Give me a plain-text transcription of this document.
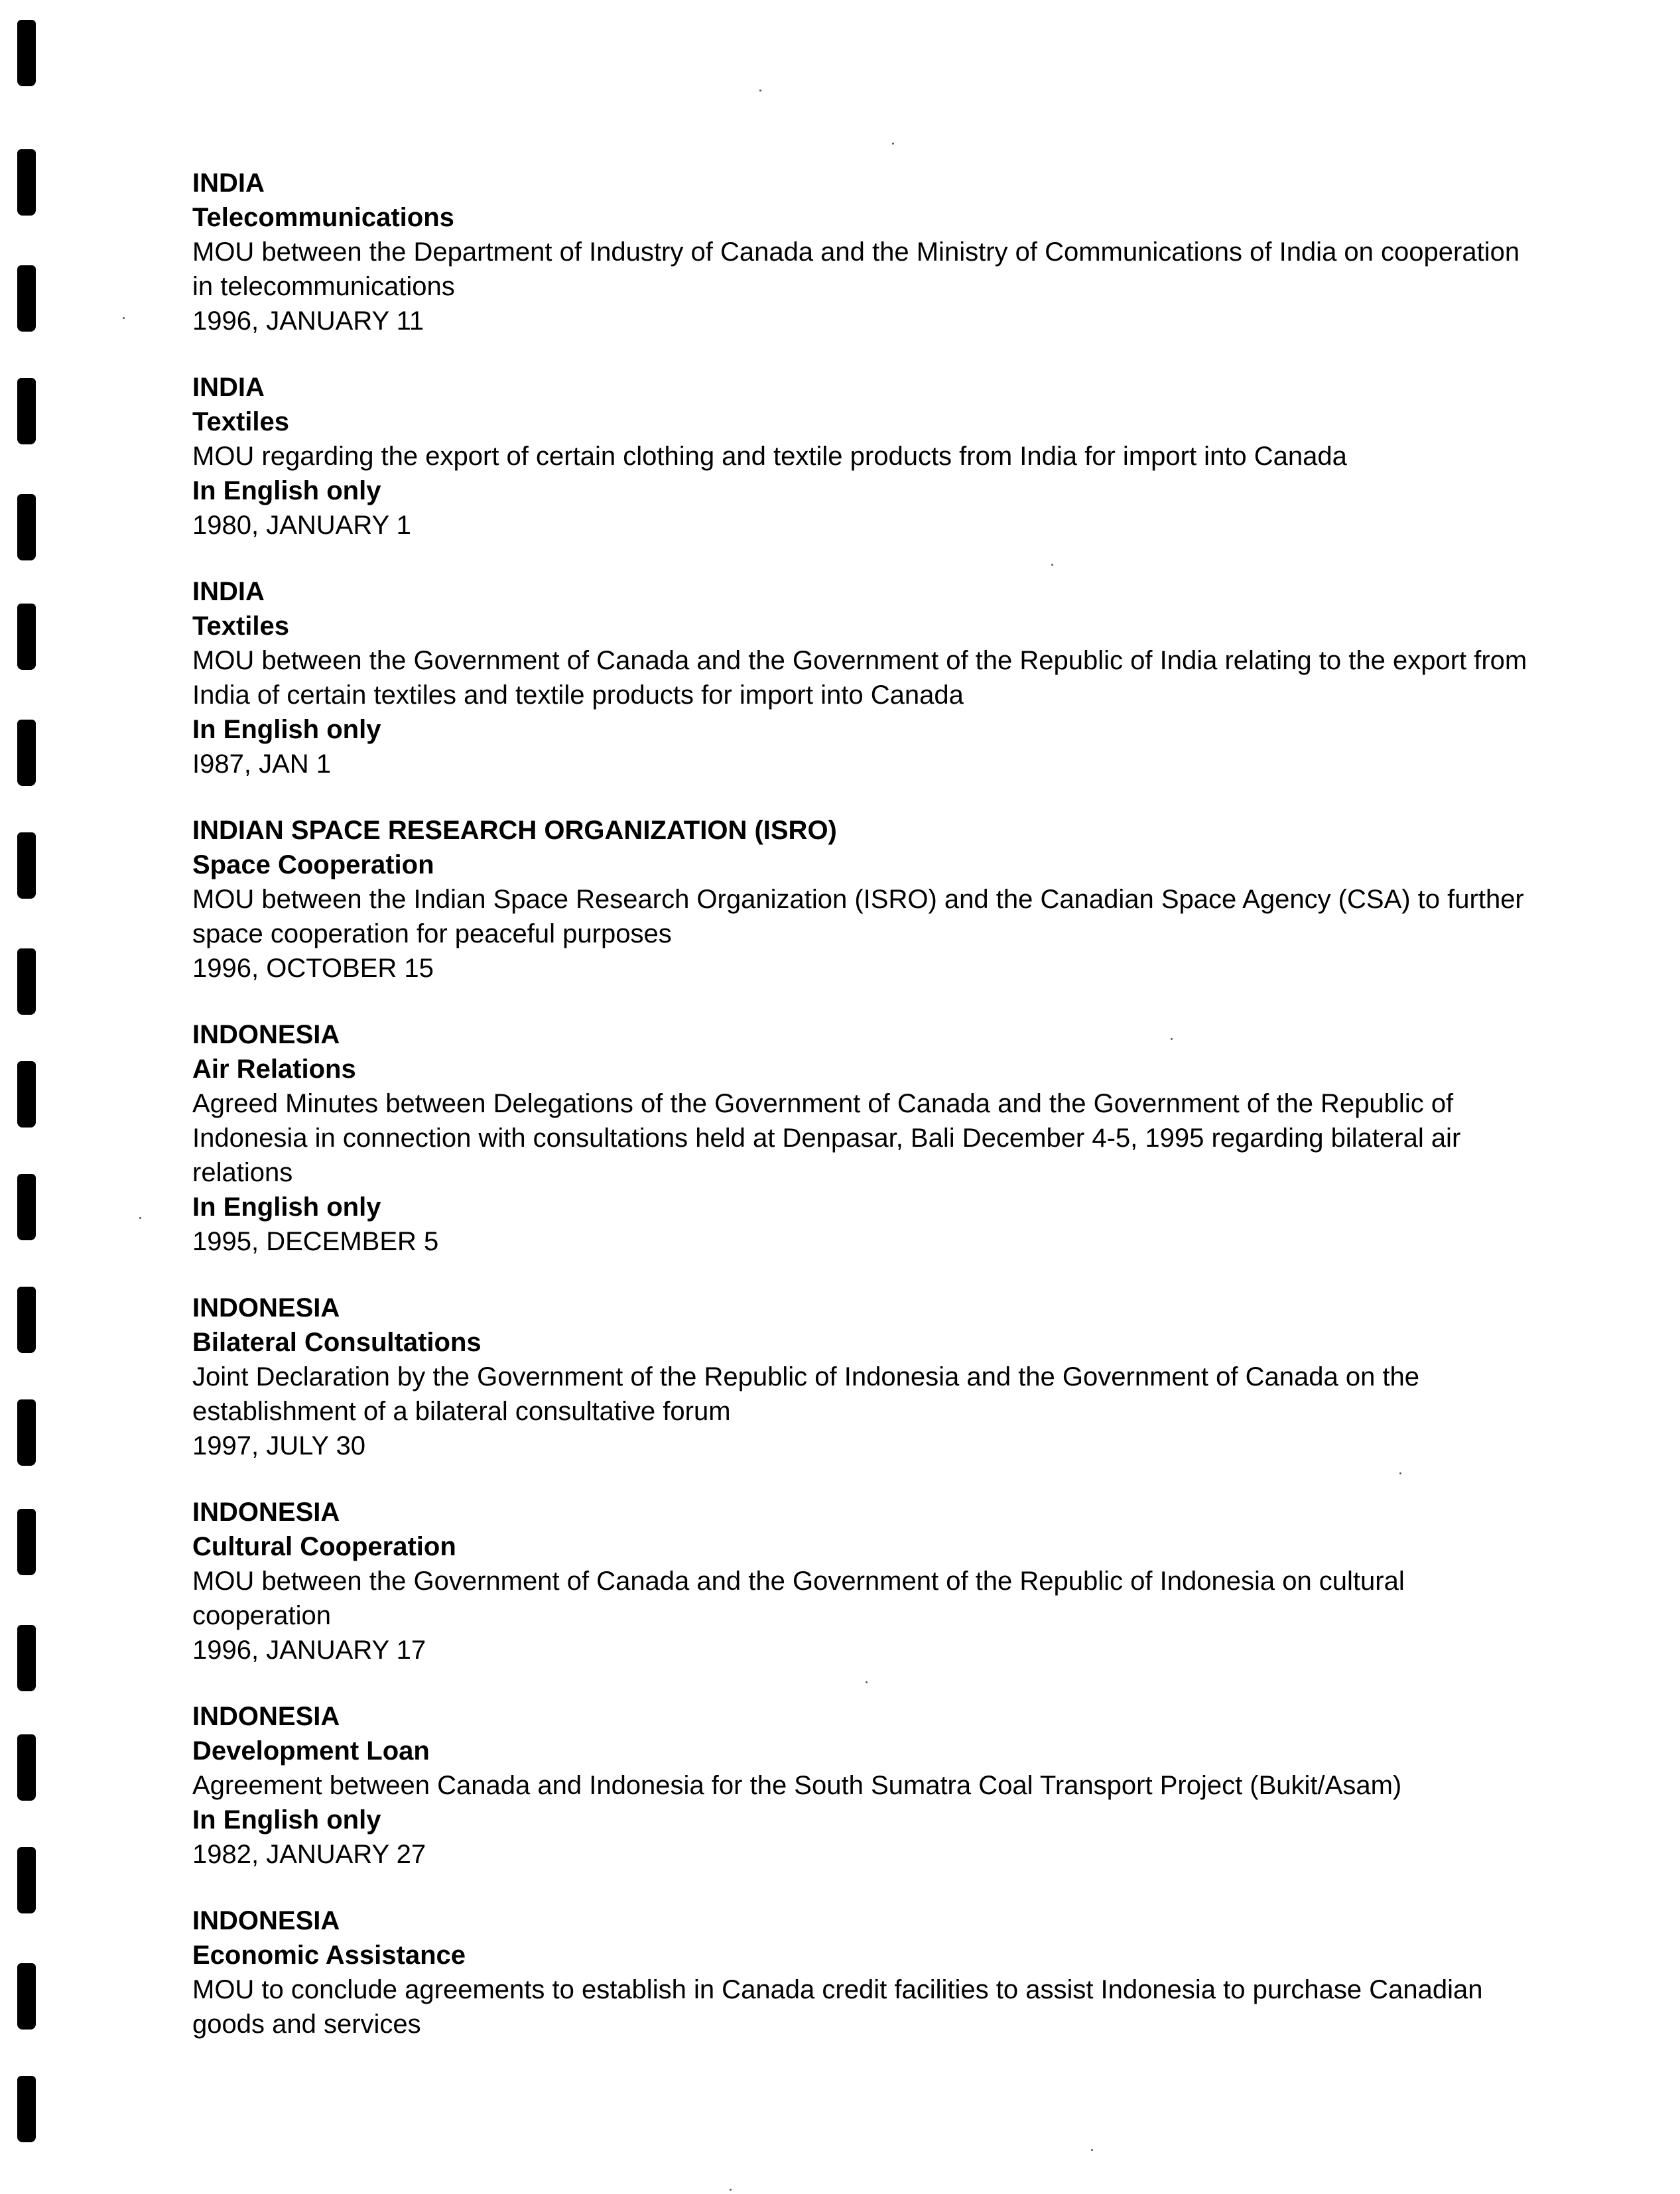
INDIA
Telecommunications
MOU between the Department of Industry of Canada and the Ministry of Communications of India on cooperation in telecommunications
1996, JANUARY 11
INDIA
Textiles
MOU regarding the export of certain clothing and textile products from India for import into Canada
In English only
1980, JANUARY 1
INDIA
Textiles
MOU between the Government of Canada and the Government of the Republic of India relating to the export from India of certain textiles and textile products for import into Canada
In English only
I987, JAN 1
INDIAN SPACE RESEARCH ORGANIZATION (ISRO)
Space Cooperation
MOU between the Indian Space Research Organization (ISRO) and the Canadian Space Agency (CSA) to further space cooperation for peaceful purposes
1996, OCTOBER 15
INDONESIA
Air Relations
Agreed Minutes between Delegations of the Government of Canada and the Government of the Republic of Indonesia in connection with consultations held at Denpasar, Bali December 4-5, 1995 regarding bilateral air relations
In English only
1995, DECEMBER 5
INDONESIA
Bilateral Consultations
Joint Declaration by the Government of the Republic of Indonesia and the Government of Canada on the establishment of a bilateral consultative forum
1997, JULY 30
INDONESIA
Cultural Cooperation
MOU between the Government of Canada and the Government of the Republic of Indonesia on cultural cooperation
1996, JANUARY 17
INDONESIA
Development Loan
Agreement between Canada and Indonesia for the South Sumatra Coal Transport Project (Bukit/Asam)
In English only
1982, JANUARY 27
INDONESIA
Economic Assistance
MOU to conclude agreements to establish in Canada credit facilities to assist Indonesia to purchase Canadian goods and services
